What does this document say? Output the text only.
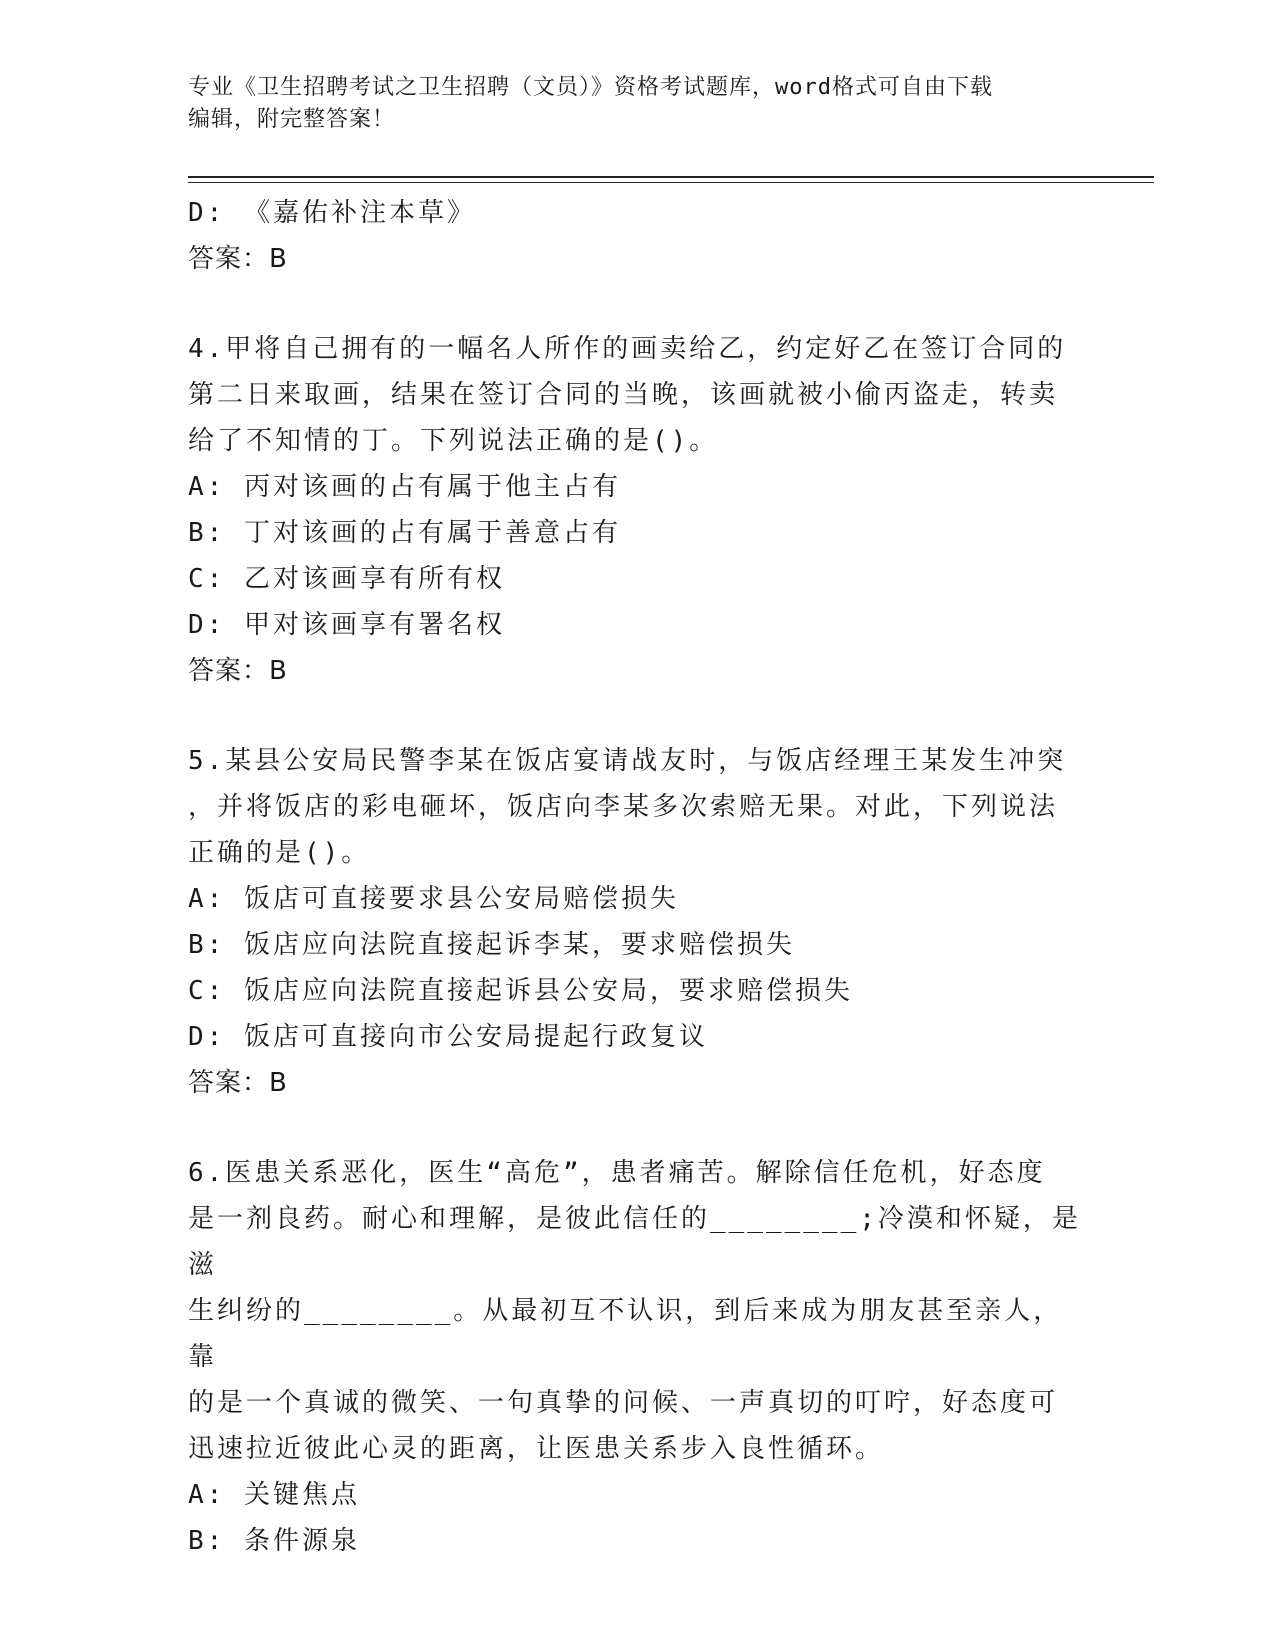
专业《卫生招聘考试之卫生招聘（文员）》资格考试题库，word格式可自由下载
编辑，附完整答案！
D: 《嘉佑补注本草》
答案：B
4.甲将自己拥有的一幅名人所作的画卖给乙，约定好乙在签订合同的
第二日来取画，结果在签订合同的当晚，该画就被小偷丙盗走，转卖
给了不知情的丁。下列说法正确的是()。
A: 丙对该画的占有属于他主占有
B: 丁对该画的占有属于善意占有
C: 乙对该画享有所有权
D: 甲对该画享有署名权
答案：B
5.某县公安局民警李某在饭店宴请战友时，与饭店经理王某发生冲突
，并将饭店的彩电砸坏，饭店向李某多次索赔无果。对此，下列说法
正确的是()。
A: 饭店可直接要求县公安局赔偿损失
B: 饭店应向法院直接起诉李某，要求赔偿损失
C: 饭店应向法院直接起诉县公安局，要求赔偿损失
D: 饭店可直接向市公安局提起行政复议
答案：B
6.医患关系恶化，医生“高危”，患者痛苦。解除信任危机，好态度
是一剂良药。耐心和理解，是彼此信任的________;冷漠和怀疑，是滋
生纠纷的________。从最初互不认识，到后来成为朋友甚至亲人，靠
的是一个真诚的微笑、一句真挚的问候、一声真切的叮咛，好态度可
迅速拉近彼此心灵的距离，让医患关系步入良性循环。
A: 关键焦点
B: 条件源泉
